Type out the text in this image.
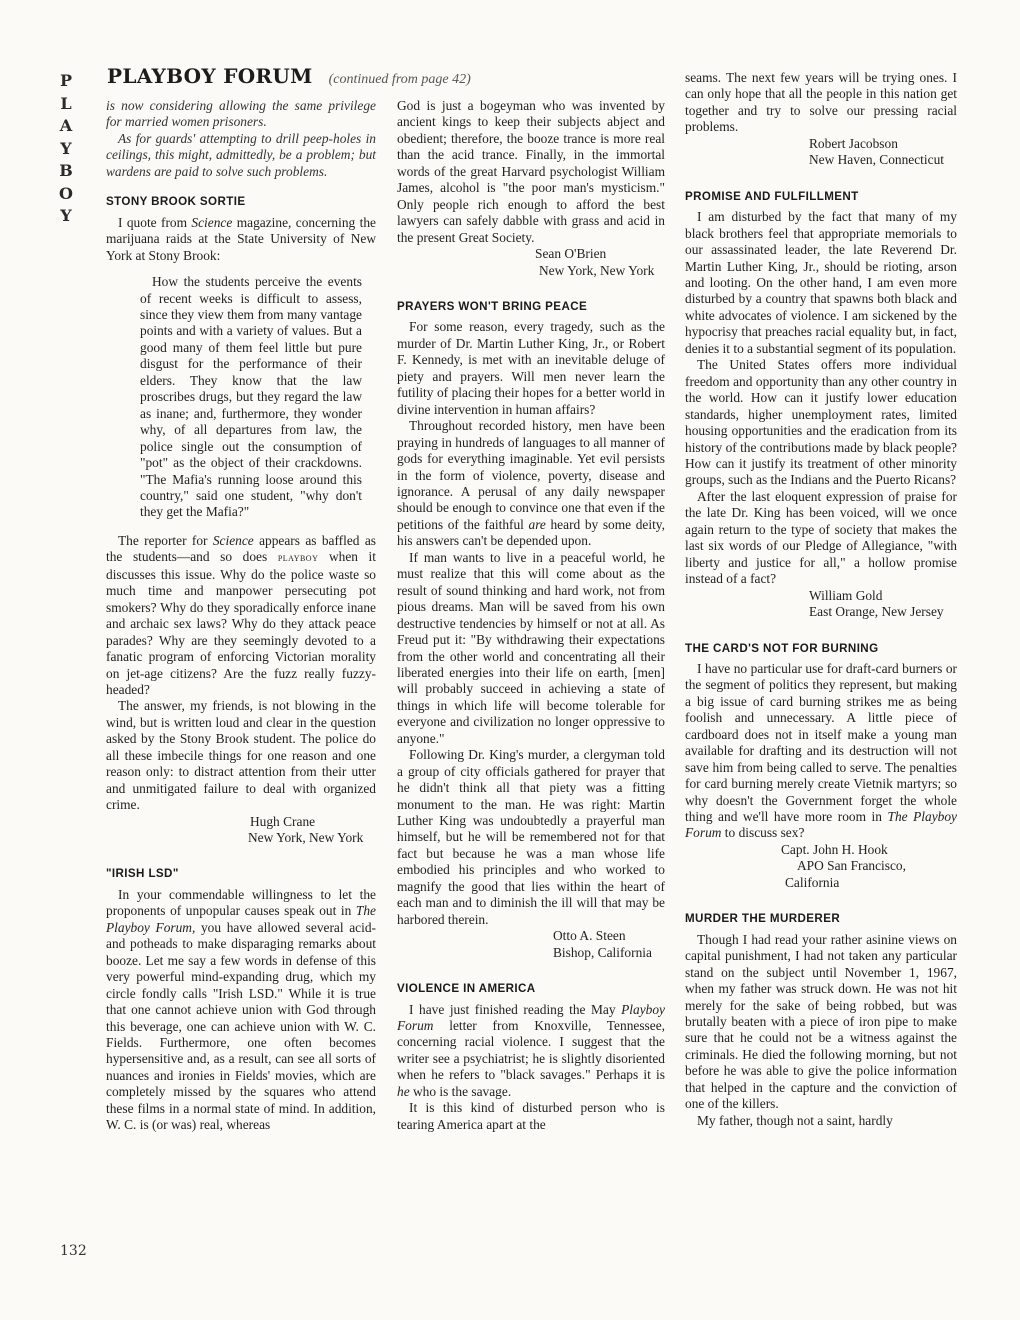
P
L
A
Y
B
O
Y
PLAYBOY FORUM (continued from page 42)

is now considering allowing the same privilege for married women prisoners.

As for guards' attempting to drill peep-holes in ceilings, this might, admittedly, be a problem; but wardens are paid to solve such problems.

STONY BROOK SORTIE

I quote from Science magazine, concerning the marijuana raids at the State University of New York at Stony Brook:

How the students perceive the events of recent weeks is difficult to assess, since they view them from many vantage points and with a variety of values. But a good many of them feel little but pure disgust for the performance of their elders. They know that the law proscribes drugs, but they regard the law as inane; and, furthermore, they wonder why, of all departures from law, the police single out the consumption of "pot" as the object of their crackdowns. "The Mafia's running loose around this country," said one student, "why don't they get the Mafia?"

The reporter for Science appears as baffled as the students—and so does playboy when it discusses this issue. Why do the police waste so much time and manpower persecuting pot smokers? Why do they sporadically enforce inane and archaic sex laws? Why do they attack peace parades? Why are they seemingly devoted to a fanatic program of enforcing Victorian morality on jet-age citizens? Are the fuzz really fuzzy-headed?

The answer, my friends, is not blowing in the wind, but is written loud and clear in the question asked by the Stony Brook student. The police do all these imbecile things for one reason and one reason only: to distract attention from their utter and unmitigated failure to deal with organized crime.

Hugh Crane

New York, New York

"IRISH LSD"

In your commendable willingness to let the proponents of unpopular causes speak out in The Playboy Forum, you have allowed several acid- and potheads to make disparaging remarks about booze. Let me say a few words in defense of this very powerful mind-expanding drug, which my circle fondly calls "Irish LSD." While it is true that one cannot achieve union with God through this beverage, one can achieve union with W. C. Fields. Furthermore, one often becomes hypersensitive and, as a result, can see all sorts of nuances and ironies in Fields' movies, which are completely missed by the squares who attend these films in a normal state of mind. In addition, W. C. is (or was) real, whereas

God is just a bogeyman who was invented by ancient kings to keep their subjects abject and obedient; therefore, the booze trance is more real than the acid trance. Finally, in the immortal words of the great Harvard psychologist William James, alcohol is "the poor man's mysticism." Only people rich enough to afford the best lawyers can safely dabble with grass and acid in the present Great Society.

Sean O'Brien

New York, New York

PRAYERS WON'T BRING PEACE

For some reason, every tragedy, such as the murder of Dr. Martin Luther King, Jr., or Robert F. Kennedy, is met with an inevitable deluge of piety and prayers. Will men never learn the futility of placing their hopes for a better world in divine intervention in human affairs?

Throughout recorded history, men have been praying in hundreds of languages to all manner of gods for everything imaginable. Yet evil persists in the form of violence, poverty, disease and ignorance. A perusal of any daily newspaper should be enough to convince one that even if the petitions of the faithful are heard by some deity, his answers can't be depended upon.

If man wants to live in a peaceful world, he must realize that this will come about as the result of sound thinking and hard work, not from pious dreams. Man will be saved from his own destructive tendencies by himself or not at all. As Freud put it: "By withdrawing their expectations from the other world and concentrating all their liberated energies into their life on earth, [men] will probably succeed in achieving a state of things in which life will become tolerable for everyone and civilization no longer oppressive to anyone."

Following Dr. King's murder, a clergyman told a group of city officials gathered for prayer that he didn't think all that piety was a fitting monument to the man. He was right: Martin Luther King was undoubtedly a prayerful man himself, but he will be remembered not for that fact but because he was a man whose life embodied his principles and who worked to magnify the good that lies within the heart of each man and to diminish the ill will that may be harbored therein.

Otto A. Steen

Bishop, California

VIOLENCE IN AMERICA

I have just finished reading the May Playboy Forum letter from Knoxville, Tennessee, concerning racial violence. I suggest that the writer see a psychiatrist; he is slightly disoriented when he refers to "black savages." Perhaps it is he who is the savage.

It is this kind of disturbed person who is tearing America apart at the

seams. The next few years will be trying ones. I can only hope that all the people in this nation get together and try to solve our pressing racial problems.

Robert Jacobson

New Haven, Connecticut

PROMISE AND FULFILLMENT

I am disturbed by the fact that many of my black brothers feel that appropriate memorials to our assassinated leader, the late Reverend Dr. Martin Luther King, Jr., should be rioting, arson and looting. On the other hand, I am even more disturbed by a country that spawns both black and white advocates of violence. I am sickened by the hypocrisy that preaches racial equality but, in fact, denies it to a substantial segment of its population.

The United States offers more individual freedom and opportunity than any other country in the world. How can it justify lower education standards, higher unemployment rates, limited housing opportunities and the eradication from its history of the contributions made by black people? How can it justify its treatment of other minority groups, such as the Indians and the Puerto Ricans?

After the last eloquent expression of praise for the late Dr. King has been voiced, will we once again return to the type of society that makes the last six words of our Pledge of Allegiance, "with liberty and justice for all," a hollow promise instead of a fact?

William Gold

East Orange, New Jersey

THE CARD'S NOT FOR BURNING

I have no particular use for draft-card burners or the segment of politics they represent, but making a big issue of card burning strikes me as being foolish and unnecessary. A little piece of cardboard does not in itself make a young man available for drafting and its destruction will not save him from being called to serve. The penalties for card burning merely create Vietnik martyrs; so why doesn't the Government forget the whole thing and we'll have more room in The Playboy Forum to discuss sex?

Capt. John H. Hook

APO San Francisco, California

MURDER THE MURDERER

Though I had read your rather asinine views on capital punishment, I had not taken any particular stand on the subject until November 1, 1967, when my father was struck down. He was not hit merely for the sake of being robbed, but was brutally beaten with a piece of iron pipe to make sure that he could not be a witness against the criminals. He died the following morning, but not before he was able to give the police information that helped in the capture and the conviction of one of the killers.

My father, though not a saint, hardly

132
